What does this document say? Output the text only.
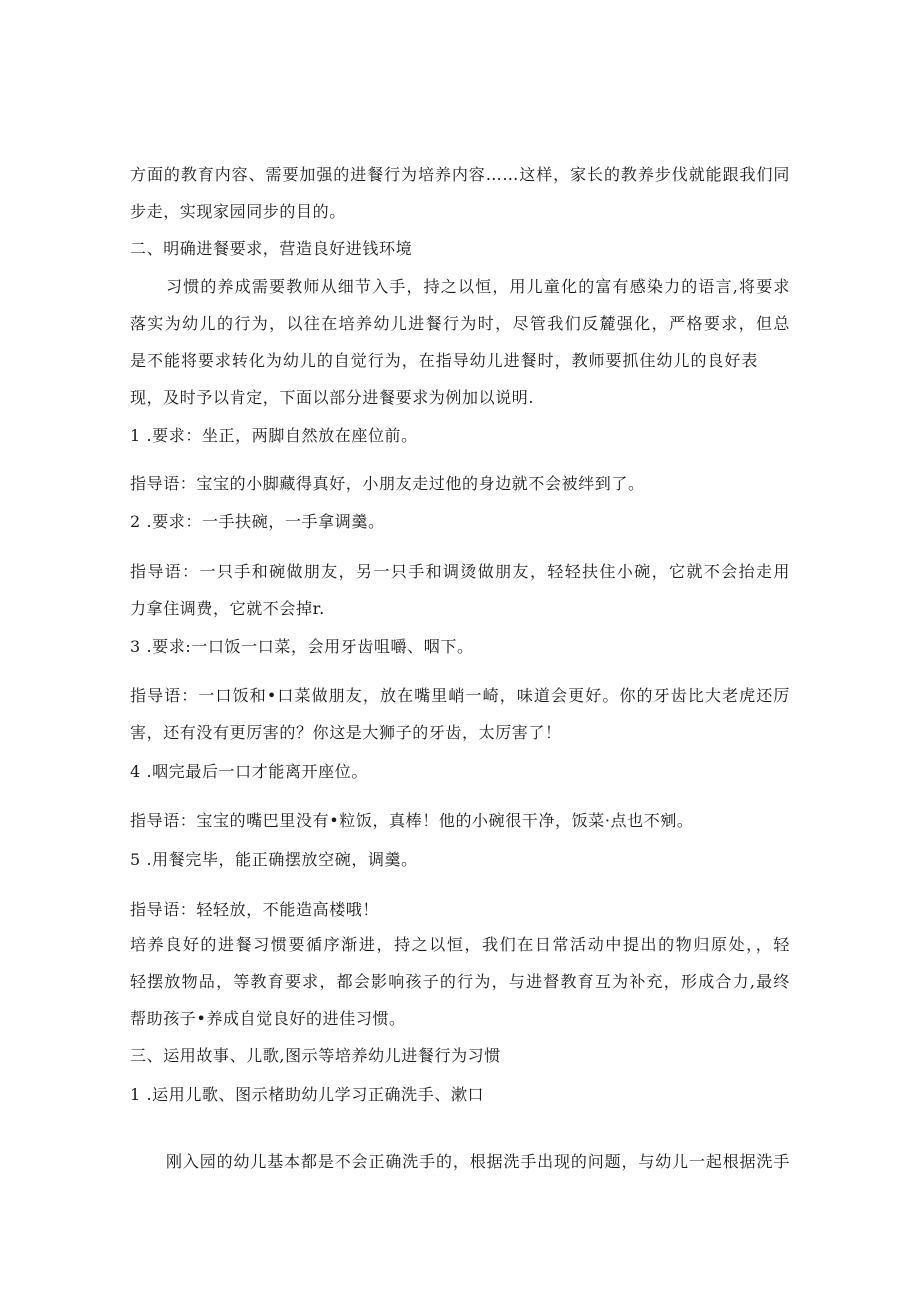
方面的教育内容、需要加强的进餐行为培养内容……这样，家长的教养步伐就能跟我们同
步走，实现家园同步的目的。
二、明确进餐要求，营造良好进钱环境
习惯的养成需要教师从细节入手，持之以恒，用儿童化的富有感染力的语言,将要求
落实为幼儿的行为，以往在培养幼儿进餐行为时，尽管我们反麓强化，严格要求，但总
是不能将要求转化为幼儿的自觉行为，在指导幼儿进餐时，教师要抓住幼儿的良好表
现，及时予以肯定，下面以部分进餐要求为例加以说明.
1 .要求：坐正，两脚自然放在座位前。
指导语：宝宝的小脚藏得真好，小朋友走过他的身边就不会被绊到了。
2 .要求：一手扶碗，一手拿调羹。
指导语：一只手和碗做朋友，另一只手和调烫做朋友，轻轻扶住小碗，它就不会抬走用
力拿住调费，它就不会掉r.
3 .要求:一口饭一口菜，会用牙齿咀嚼、咽下。
指导语：一口饭和•口菜做朋友，放在嘴里峭一崎，味道会更好。你的牙齿比大老虎还厉
害，还有没有更厉害的？你这是大狮子的牙齿，太厉害了！
4 .咽完最后一口才能离开座位。
指导语：宝宝的嘴巴里没有•粒饭，真棒！他的小碗很干净，饭菜·点也不剜。
5 .用餐完毕，能正确摆放空碗，调羹。
指导语：轻轻放，不能造高楼哦！
培养良好的进餐习惯要循序渐进，持之以恒，我们在日常活动中提出的物归原处，，轻
轻摆放物品，等教育要求，都会影响孩子的行为，与进督教育互为补充，形成合力,最终
帮助孩子•养成自觉良好的进佳习惯。
三、运用故事、儿歌,图示等培养幼儿进餐行为习惯
1 .运用儿歌、图示楮助幼儿学习正确洗手、漱口
刚入园的幼儿基本都是不会正确洗手的，根据洗手出现的问题，与幼儿一起根据洗手
